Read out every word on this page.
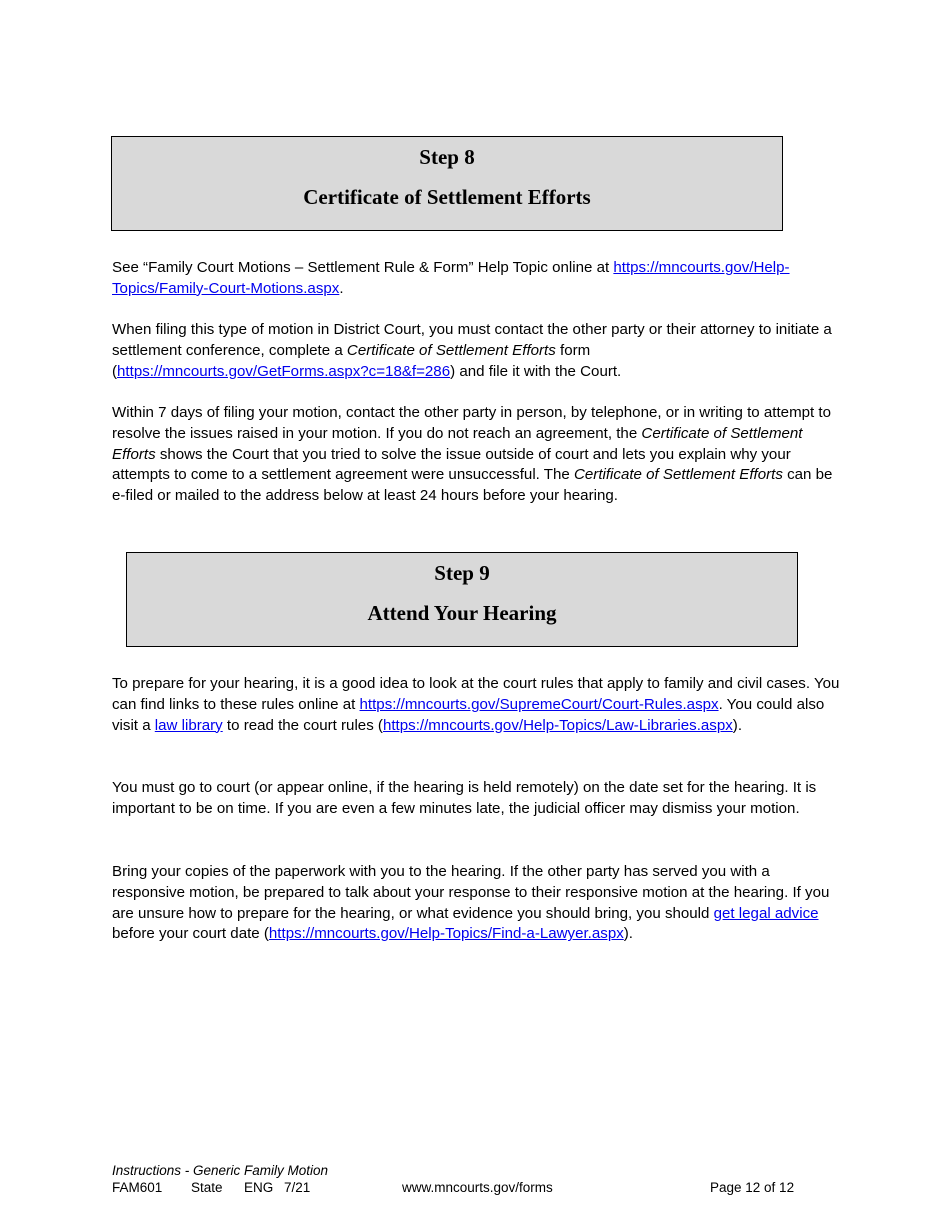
Step 8
Certificate of Settlement Efforts

See “Family Court Motions – Settlement Rule & Form” Help Topic online at https://mncourts.gov/Help-Topics/Family-Court-Motions.aspx.

When filing this type of motion in District Court, you must contact the other party or their attorney to initiate a settlement conference, complete a Certificate of Settlement Efforts form (https://mncourts.gov/GetForms.aspx?c=18&f=286) and file it with the Court.

Within 7 days of filing your motion, contact the other party in person, by telephone, or in writing to attempt to resolve the issues raised in your motion. If you do not reach an agreement, the Certificate of Settlement Efforts shows the Court that you tried to solve the issue outside of court and lets you explain why your attempts to come to a settlement agreement were unsuccessful. The Certificate of Settlement Efforts can be e-filed or mailed to the address below at least 24 hours before your hearing.

Step 9
Attend Your Hearing

To prepare for your hearing, it is a good idea to look at the court rules that apply to family and civil cases. You can find links to these rules online at https://mncourts.gov/SupremeCourt/Court-Rules.aspx. You could also visit a law library to read the court rules (https://mncourts.gov/Help-Topics/Law-Libraries.aspx).

You must go to court (or appear online, if the hearing is held remotely) on the date set for the hearing. It is important to be on time. If you are even a few minutes late, the judicial officer may dismiss your motion.

Bring your copies of the paperwork with you to the hearing. If the other party has served you with a responsive motion, be prepared to talk about your response to their responsive motion at the hearing. If you are unsure how to prepare for the hearing, or what evidence you should bring, you should get legal advice before your court date (https://mncourts.gov/Help-Topics/Find-a-Lawyer.aspx).

Instructions - Generic Family Motion
FAM601 State ENG 7/21	www.mncourts.gov/forms	Page 12 of 12
